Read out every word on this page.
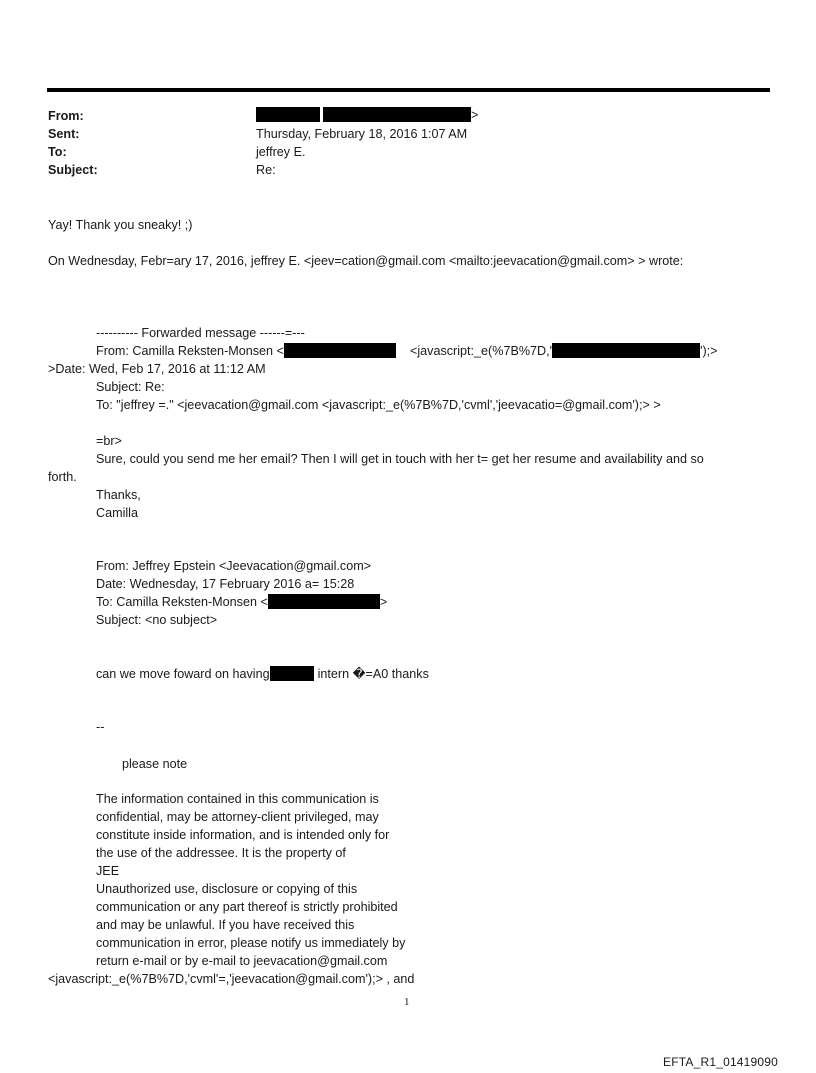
From:	>
Sent:	Thursday, February 18, 2016 1:07 AM
To:	jeffrey E.
Subject:	Re:
Yay! Thank you sneaky! ;)
On Wednesday, Febr=ary 17, 2016, jeffrey E. <jeev=cation@gmail.com <mailto:jeevacation@gmail.com> > wrote:
---------- Forwarded message ------=---
From: Camilla Reksten-Monsen <	<javascript:_e(%7B%7D,'	');>
>Date: Wed, Feb 17, 2016 at 11:12 AM
Subject: Re:
To: "jeffrey =." <jeevacation@gmail.com <javascript:_e(%7B%7D,'cvml','jeevacatio=@gmail.com');> >
=br>
Sure, could you send me her email? Then I will get in touch with her t= get her resume and availability and so
forth.
Thanks,
Camilla
From: Jeffrey Epstein <Jeevacation@gmail.com>
Date: Wednesday, 17 February 2016 a= 15:28
To: Camilla Reksten-Monsen <	>
Subject: <no subject>
can we move foward on having	intern �=A0 thanks
--
please note
The information contained in this communication is
confidential, may be attorney-client privileged, may
constitute inside information, and is intended only for
the use of the addressee. It is the property of
JEE
Unauthorized use, disclosure or copying of this
communication or any part thereof is strictly prohibited
and may be unlawful. If you have received this
communication in error, please notify us immediately by
return e-mail or by e-mail to jeevacation@gmail.com
<javascript:_e(%7B%7D,'cvml'=,'jeevacation@gmail.com');> , and
1
EFTA_R1_01419090
